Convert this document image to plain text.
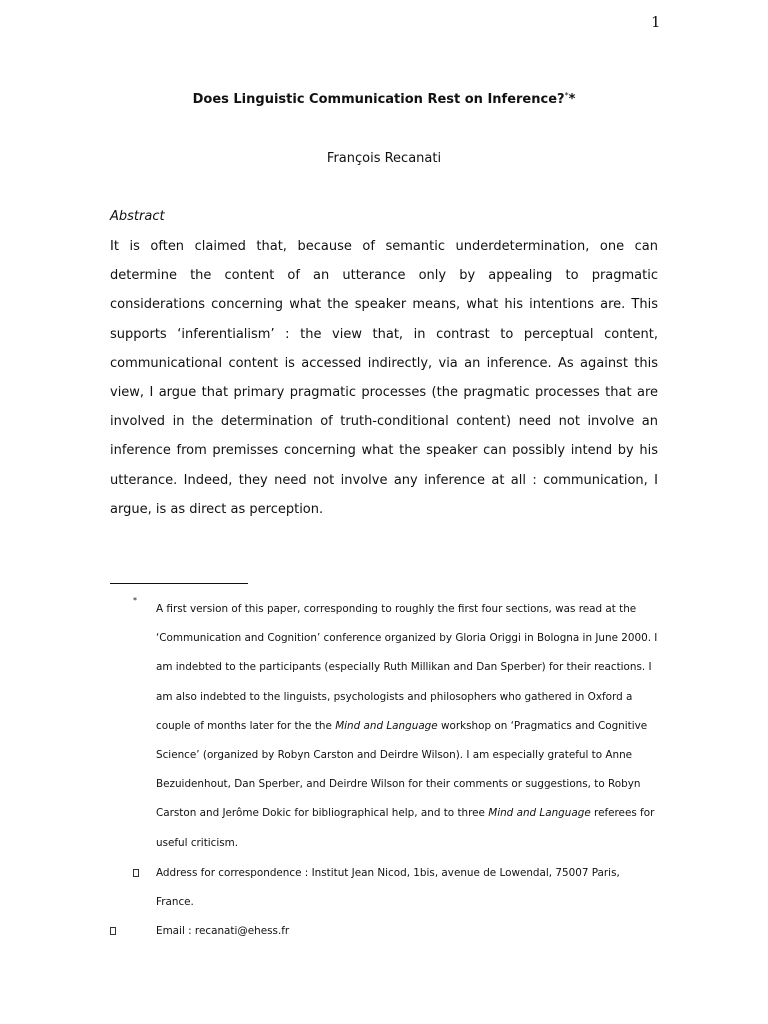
1
Does Linguistic Communication Rest on Inference?**
François Recanati
Abstract

It is often claimed that, because of semantic underdetermination, one can determine the content of an utterance only by appealing to pragmatic considerations concerning what the speaker means, what his intentions are. This supports ‘inferentialism’ : the view that, in contrast to perceptual content, communicational content is accessed indirectly, via an inference. As against this view, I argue that primary pragmatic processes (the pragmatic processes that are involved in the determination of truth-conditional content) need not involve an inference from premisses concerning what the speaker can possibly intend by his utterance. Indeed, they need not involve any inference at all : communication, I argue, is as direct as perception.

*

A first version of this paper, corresponding to roughly the first four sections, was read at the ‘Communication and Cognition’ conference organized by Gloria Origgi in Bologna in June 2000. I am indebted to the participants (especially Ruth Millikan and Dan Sperber) for their reactions. I am also indebted to the linguists, psychologists and philosophers who gathered in Oxford a couple of months later for the the Mind and Language workshop on ‘Pragmatics and Cognitive Science’ (organized by Robyn Carston and Deirdre Wilson). I am especially grateful to Anne Bezuidenhout, Dan Sperber, and Deirdre Wilson for their comments or suggestions, to Robyn Carston and Jerôme Dokic for bibliographical help, and to three Mind and Language referees for useful criticism.

Address for correspondence : Institut Jean Nicod, 1bis, avenue de Lowendal, 75007 Paris, France.

Email : recanati@ehess.fr
